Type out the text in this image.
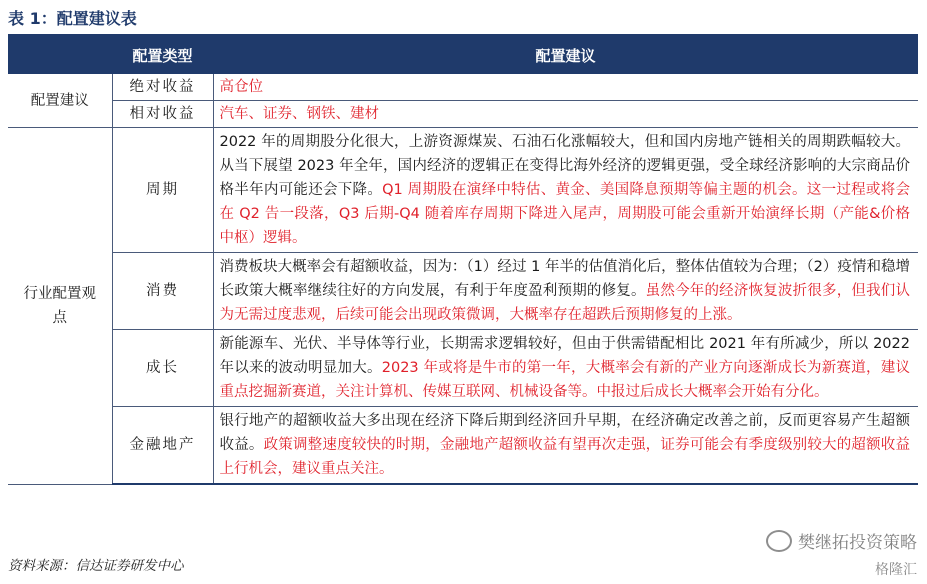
表 1：配置建议表
	配置类型	配置建议
配置建议	绝对收益	高仓位
	相对收益	汽车、证券、钢铁、建材
行业配置观点	周期	2022 年的周期股分化很大，上游资源煤炭、石油石化涨幅较大，但和国内房地产链相关的周期跌幅较大。从当下展望 2023 年全年，国内经济的逻辑正在变得比海外经济的逻辑更强，受全球经济影响的大宗商品价格半年内可能还会下降。Q1 周期股在演绎中特估、黄金、美国降息预期等偏主题的机会。这一过程或将会在 Q2 告一段落，Q3 后期-Q4 随着库存周期下降进入尾声，周期股可能会重新开始演绎长期（产能&价格中枢）逻辑。
	消费	消费板块大概率会有超额收益，因为：（1）经过 1 年半的估值消化后，整体估值较为合理；（2）疫情和稳增长政策大概率继续往好的方向发展，有利于年度盈利预期的修复。虽然今年的经济恢复波折很多，但我们认为无需过度悲观，后续可能会出现政策微调，大概率存在超跌后预期修复的上涨。
	成长	新能源车、光伏、半导体等行业，长期需求逻辑较好，但由于供需错配相比 2021 年有所减少，所以 2022 年以来的波动明显加大。2023 年或将是牛市的第一年，大概率会有新的产业方向逐渐成长为新赛道，建议重点挖掘新赛道，关注计算机、传媒互联网、机械设备等。中报过后成长大概率会开始有分化。
	金融地产	银行地产的超额收益大多出现在经济下降后期到经济回升早期，在经济确定改善之前，反而更容易产生超额收益。政策调整速度较快的时期，金融地产超额收益有望再次走强，证券可能会有季度级别较大的超额收益上行机会，建议重点关注。
资料来源：信达证券研发中心
樊继拓投资策略
格隆汇
